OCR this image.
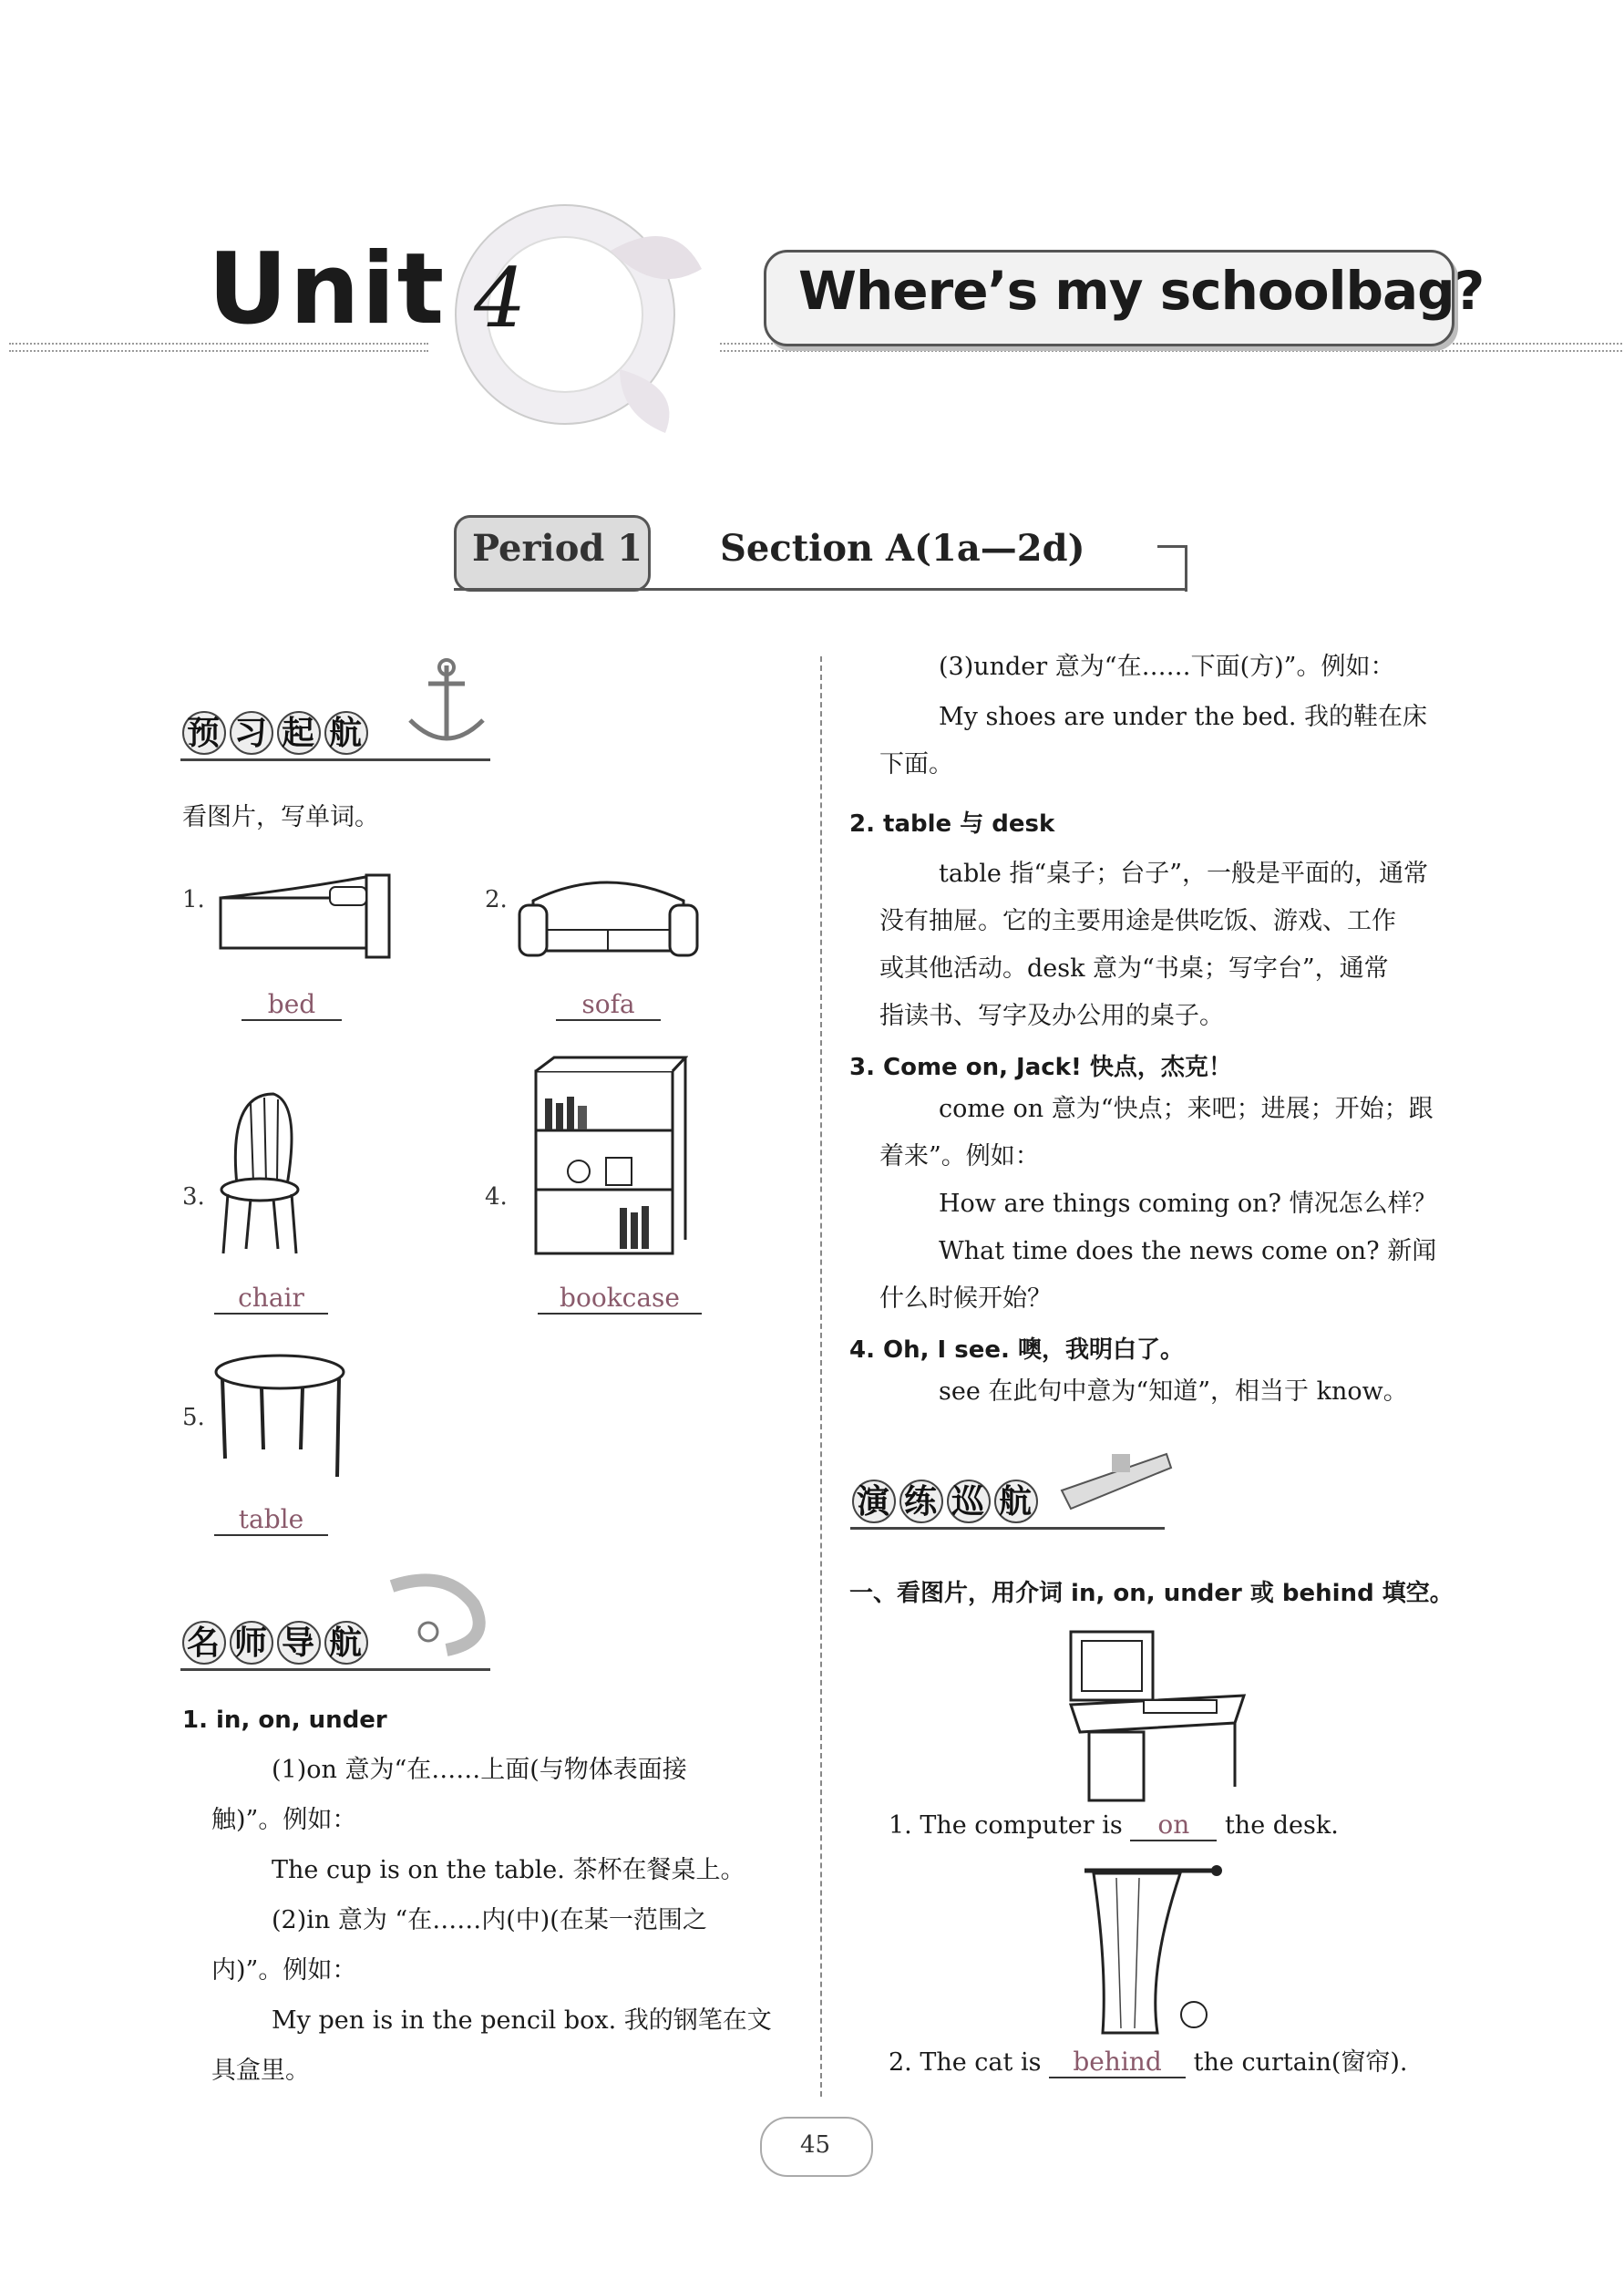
Unit 4	Where’s my schoolbag?
Period 1 Section A(1a—2d)
预 习 起 航
看图片，写单词。
1.
bed
2.
sofa
3.
chair
4.
bookcase
5.
table
名 师 导 航
1. in, on, under
(1)on 意为“在……上面(与物体表面接
触)”。例如：
The cup is on the table. 茶杯在餐桌上。
(2)in 意为 “在……内(中)(在某一范围之
内)”。例如：
My pen is in the pencil box. 我的钢笔在文
具盒里。
(3)under 意为“在……下面(方)”。例如：
My shoes are under the bed. 我的鞋在床
下面。
2. table 与 desk
table 指“桌子；台子”，一般是平面的，通常
没有抽屉。它的主要用途是供吃饭、游戏、工作
或其他活动。desk 意为“书桌；写字台”，通常
指读书、写字及办公用的桌子。
3. Come on, Jack! 快点，杰克！
come on 意为“快点；来吧；进展；开始；跟
着来”。例如：
How are things coming on? 情况怎么样？
What time does the news come on? 新闻
什么时候开始？
4. Oh, I see. 噢，我明白了。
see 在此句中意为“知道”，相当于 know。
演 练 巡 航
一、看图片，用介词 in, on, under 或 behind 填空。
1. The computer is on the desk.
2. The cat is behind the curtain(窗帘).
45
